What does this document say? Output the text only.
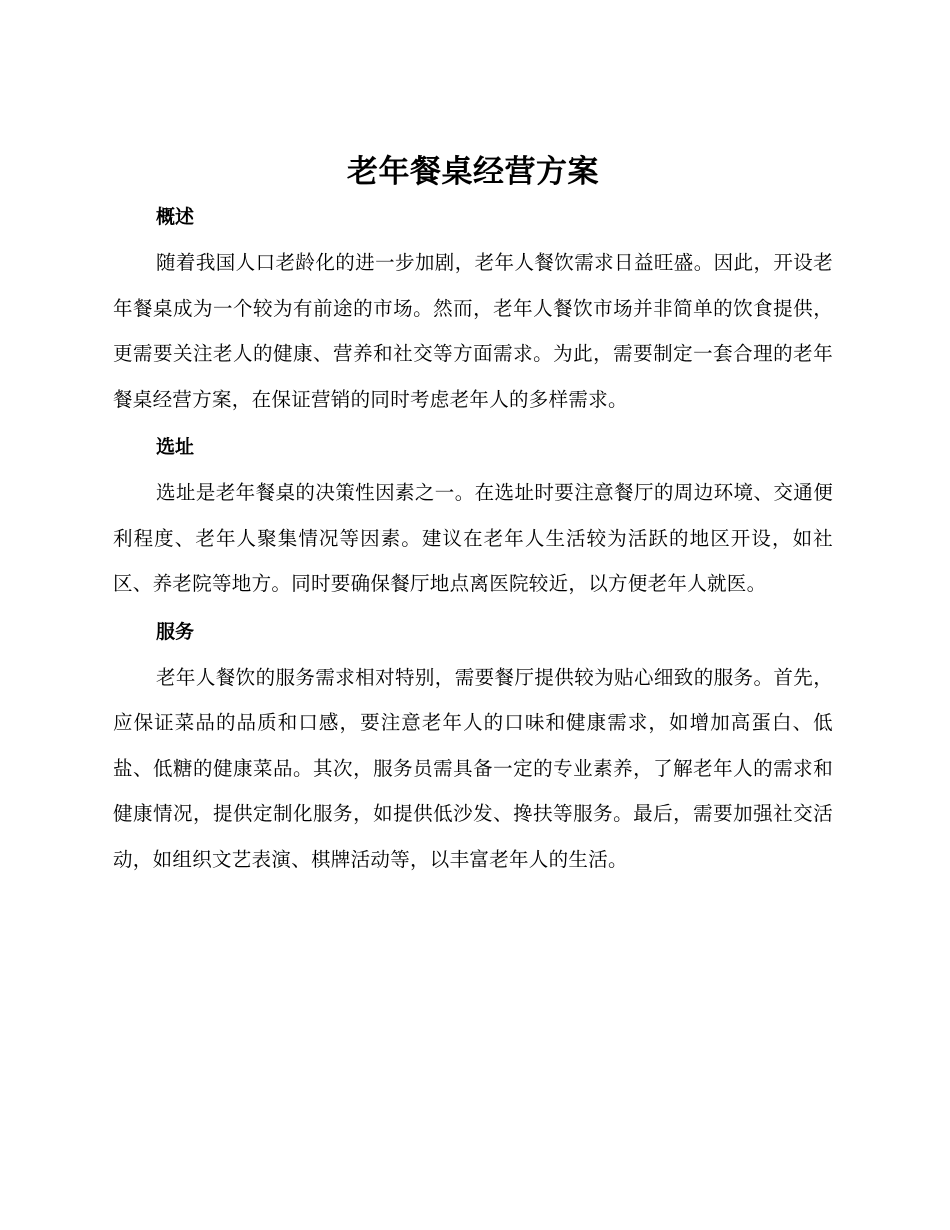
老年餐桌经营方案
概述

随着我国人口老龄化的进一步加剧，老年人餐饮需求日益旺盛。因此，开设老年餐桌成为一个较为有前途的市场。然而，老年人餐饮市场并非简单的饮食提供，更需要关注老人的健康、营养和社交等方面需求。为此，需要制定一套合理的老年餐桌经营方案，在保证营销的同时考虑老年人的多样需求。

选址

选址是老年餐桌的决策性因素之一。在选址时要注意餐厅的周边环境、交通便利程度、老年人聚集情况等因素。建议在老年人生活较为活跃的地区开设，如社区、养老院等地方。同时要确保餐厅地点离医院较近，以方便老年人就医。

服务

老年人餐饮的服务需求相对特别，需要餐厅提供较为贴心细致的服务。首先，应保证菜品的品质和口感，要注意老年人的口味和健康需求，如增加高蛋白、低盐、低糖的健康菜品。其次，服务员需具备一定的专业素养，了解老年人的需求和健康情况，提供定制化服务，如提供低沙发、搀扶等服务。最后，需要加强社交活动，如组织文艺表演、棋牌活动等，以丰富老年人的生活。
